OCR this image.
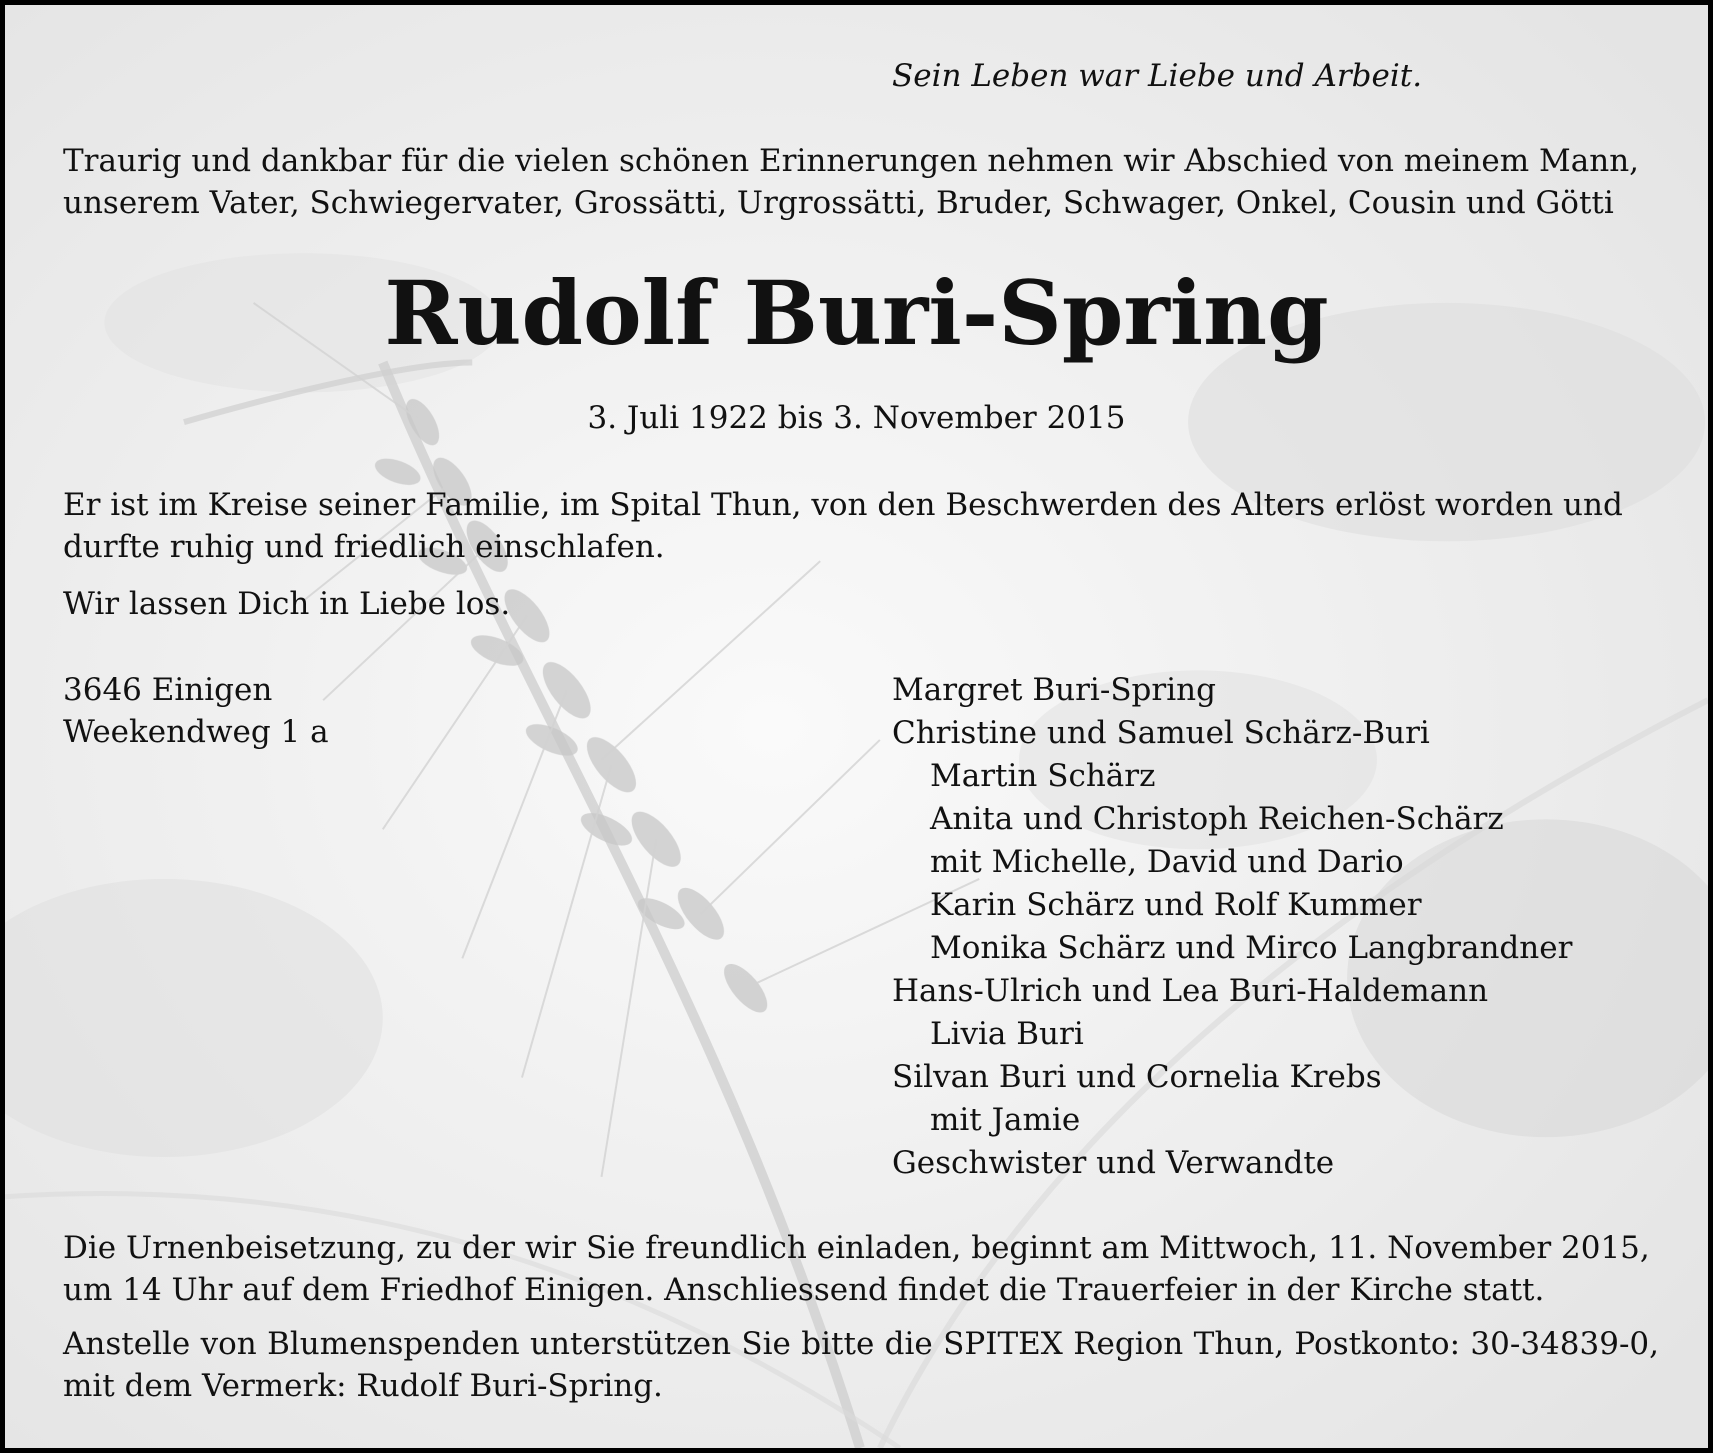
Sein Leben war Liebe und Arbeit.

Traurig und dankbar für die vielen schönen Erinnerungen nehmen wir Abschied von meinem Mann, unserem Vater, Schwiegervater, Grossätti, Urgrossätti, Bruder, Schwager, Onkel, Cousin und Götti

Rudolf Buri-Spring

3. Juli 1922 bis 3. November 2015

Er ist im Kreise seiner Familie, im Spital Thun, von den Beschwerden des Alters erlöst worden und durfte ruhig und friedlich einschlafen.

Wir lassen Dich in Liebe los.

3646 Einigen
Weekendweg 1 a
Margret Buri-Spring
Christine und Samuel Schärz-Buri
Martin Schärz
Anita und Christoph Reichen-Schärz
mit Michelle, David und Dario
Karin Schärz und Rolf Kummer
Monika Schärz und Mirco Langbrandner
Hans-Ulrich und Lea Buri-Haldemann
Livia Buri
Silvan Buri und Cornelia Krebs
mit Jamie
Geschwister und Verwandte

Die Urnenbeisetzung, zu der wir Sie freundlich einladen, beginnt am Mittwoch, 11. November 2015, um 14 Uhr auf dem Friedhof Einigen. Anschliessend findet die Trauerfeier in der Kirche statt.

Anstelle von Blumenspenden unterstützen Sie bitte die SPITEX Region Thun, Postkonto: 30-34839-0, mit dem Vermerk: Rudolf Buri-Spring.
